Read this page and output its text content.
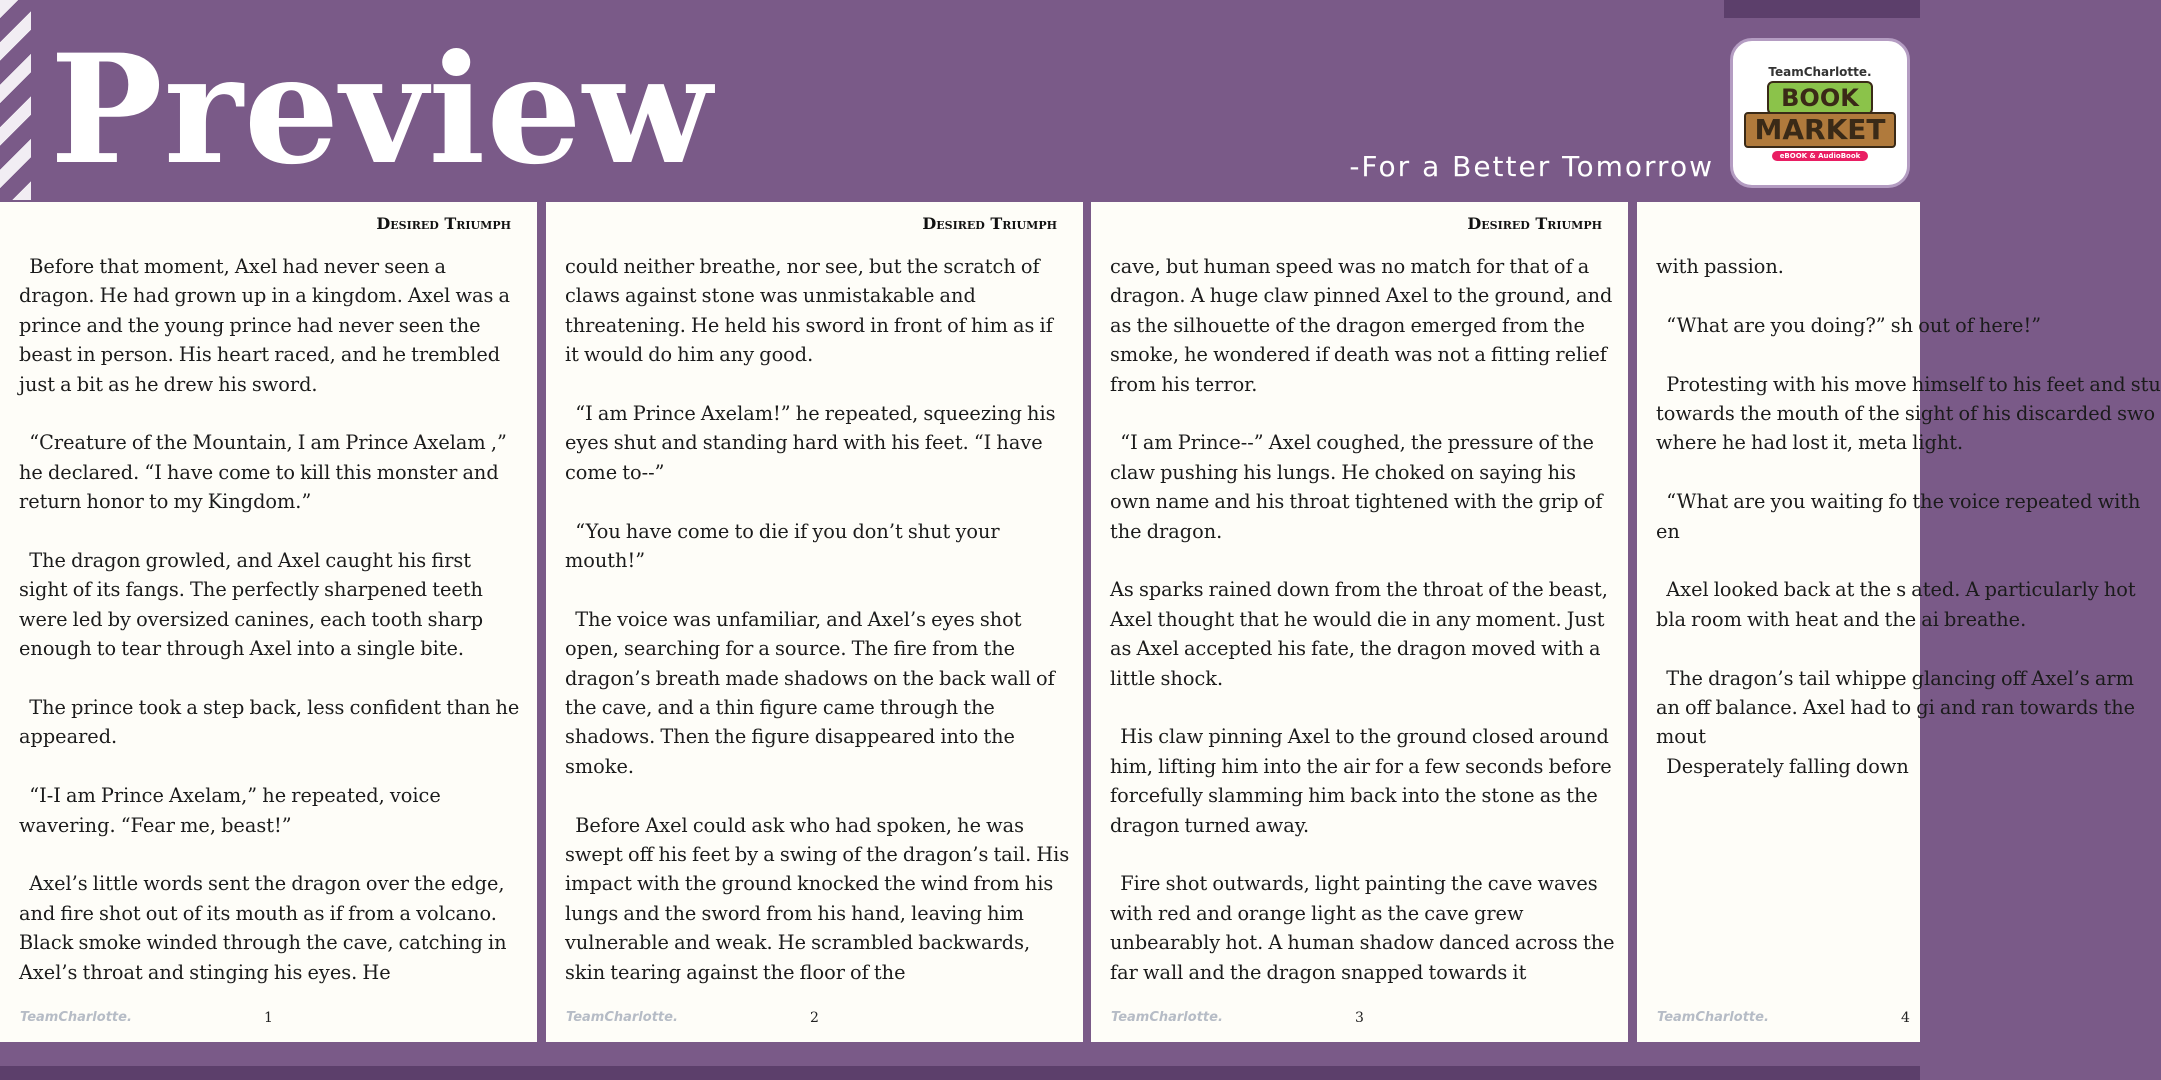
Preview	-For a Better Tomorrow
TeamCharlotte.
BOOK
MARKET
eBOOK & AudioBook
Desired Triumph

Before that moment, Axel had never seen a dragon. He had grown up in a kingdom. Axel was a prince and the young prince had never seen the beast in person. His heart raced, and he trembled just a bit as he drew his sword.

“Creature of the Mountain, I am Prince Axelam ,” he declared. “I have come to kill this monster and return honor to my Kingdom.”

The dragon growled, and Axel caught his first sight of its fangs. The perfectly sharpened teeth were led by oversized canines, each tooth sharp enough to tear through Axel into a single bite.

The prince took a step back, less confident than he appeared.

“I-I am Prince Axelam,” he repeated, voice wavering. “Fear me, beast!”

Axel’s little words sent the dragon over the edge, and fire shot out of its mouth as if from a volcano. Black smoke winded through the cave, catching in Axel’s throat and stinging his eyes. He

TeamCharlotte.	1
Desired Triumph

could neither breathe, nor see, but the scratch of claws against stone was unmistakable and threatening. He held his sword in front of him as if it would do him any good.

“I am Prince Axelam!” he repeated, squeezing his eyes shut and standing hard with his feet. “I have come to--”

“You have come to die if you don’t shut your mouth!”

The voice was unfamiliar, and Axel’s eyes shot open, searching for a source. The fire from the dragon’s breath made shadows on the back wall of the cave, and a thin figure came through the shadows. Then the figure disappeared into the smoke.

Before Axel could ask who had spoken, he was swept off his feet by a swing of the dragon’s tail. His impact with the ground knocked the wind from his lungs and the sword from his hand, leaving him vulnerable and weak. He scrambled backwards, skin tearing against the floor of the

TeamCharlotte.	2
Desired Triumph

cave, but human speed was no match for that of a dragon. A huge claw pinned Axel to the ground, and as the silhouette of the dragon emerged from the smoke, he wondered if death was not a fitting relief from his terror.

“I am Prince--” Axel coughed, the pressure of the claw pushing his lungs. He choked on saying his own name and his throat tightened with the grip of the dragon.

As sparks rained down from the throat of the beast, Axel thought that he would die in any moment. Just as Axel accepted his fate, the dragon moved with a little shock.

His claw pinning Axel to the ground closed around him, lifting him into the air for a few seconds before forcefully slamming him back into the stone as the dragon turned away.

Fire shot outwards, light painting the cave waves with red and orange light as the cave grew unbearably hot. A human shadow danced across the far wall and the dragon snapped towards it

TeamCharlotte.	3

with passion.

“What are you doing?” sh out of here!”

Protesting with his move himself to his feet and stu towards the mouth of the sight of his discarded swo where he had lost it, meta light.

“What are you waiting fo the voice repeated with en

Axel looked back at the s ated. A particularly hot bla room with heat and the ai breathe.

The dragon’s tail whippe glancing off Axel’s arm an off balance. Axel had to gi and ran towards the mout
Desperately falling down

TeamCharlotte.	4
